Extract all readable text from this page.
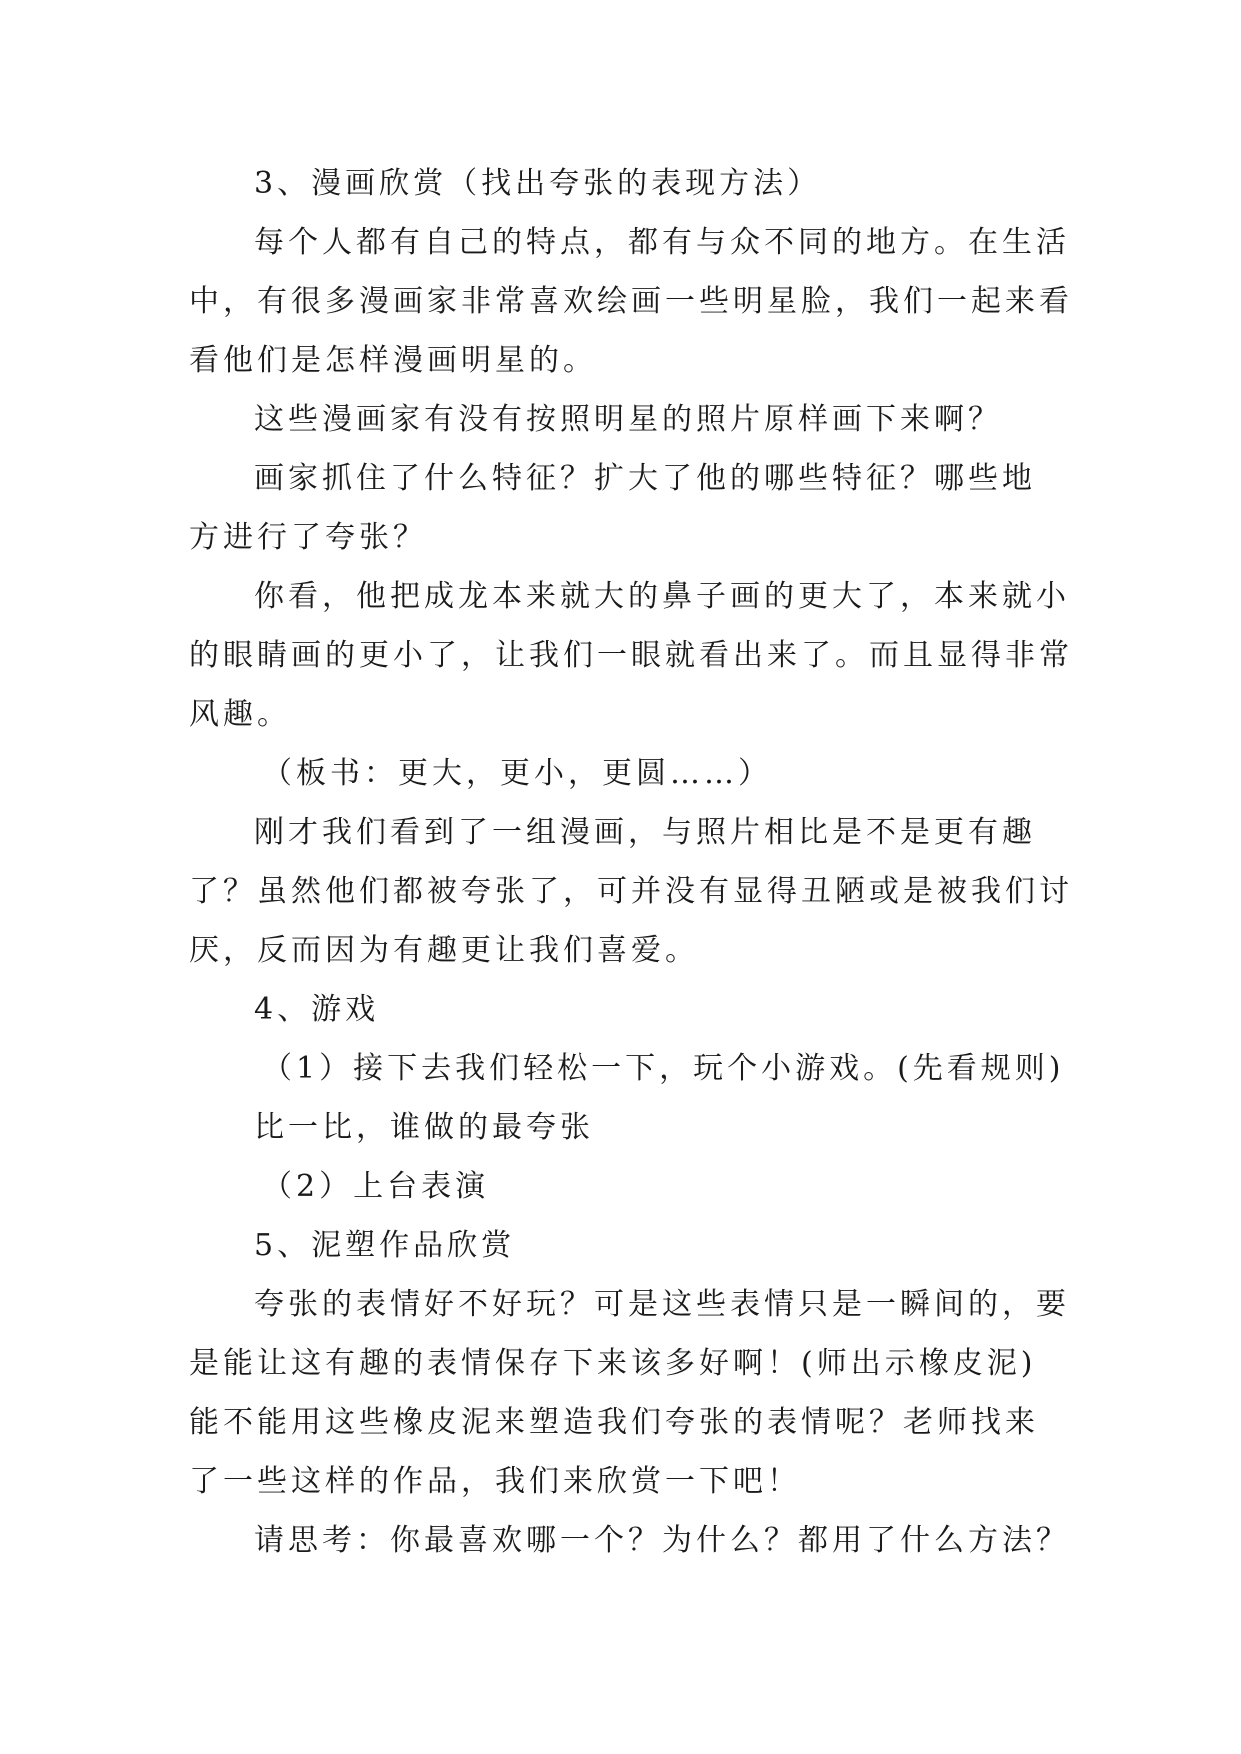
3、漫画欣赏（找出夸张的表现方法）
每个人都有自己的特点，都有与众不同的地方。在生活
中，有很多漫画家非常喜欢绘画一些明星脸，我们一起来看
看他们是怎样漫画明星的。
这些漫画家有没有按照明星的照片原样画下来啊？
画家抓住了什么特征？扩大了他的哪些特征？哪些地
方进行了夸张？
你看，他把成龙本来就大的鼻子画的更大了，本来就小
的眼睛画的更小了，让我们一眼就看出来了。而且显得非常
风趣。
（板书：更大，更小，更圆……）
刚才我们看到了一组漫画，与照片相比是不是更有趣
了？虽然他们都被夸张了，可并没有显得丑陋或是被我们讨
厌，反而因为有趣更让我们喜爱。
4、游戏
（1）接下去我们轻松一下，玩个小游戏。(先看规则)
比一比，谁做的最夸张
（2）上台表演
5、泥塑作品欣赏
夸张的表情好不好玩？可是这些表情只是一瞬间的，要
是能让这有趣的表情保存下来该多好啊！(师出示橡皮泥)
能不能用这些橡皮泥来塑造我们夸张的表情呢？老师找来
了一些这样的作品，我们来欣赏一下吧！
请思考：你最喜欢哪一个？为什么？都用了什么方法？
